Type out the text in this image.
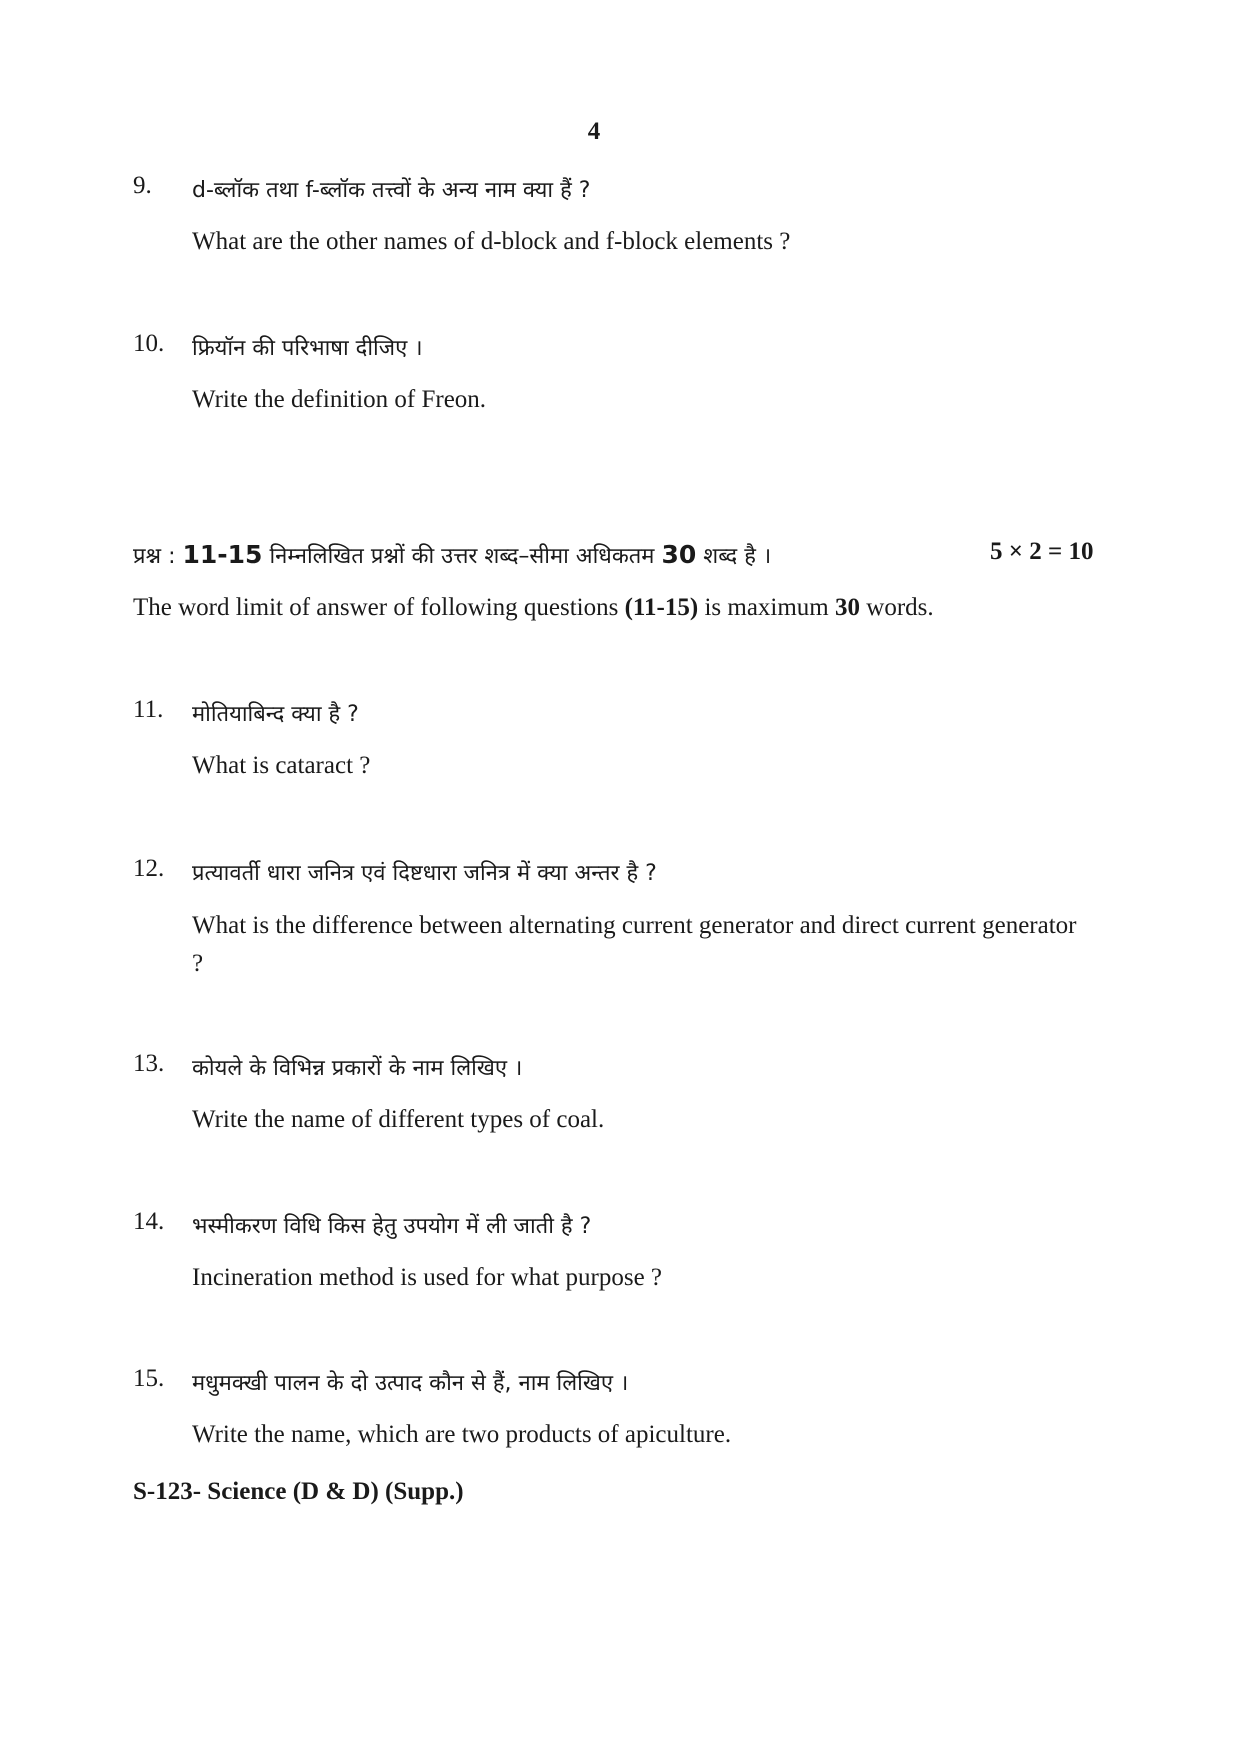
4
9. d-ब्लॉक तथा f-ब्लॉक तत्त्वों के अन्य नाम क्या हैं ?
What are the other names of d-block and f-block elements ?
10. फ्रियॉन की परिभाषा दीजिए ।
Write the definition of Freon.
प्रश्न : 11-15 निम्नलिखित प्रश्नों की उत्तर शब्द–सीमा अधिकतम 30 शब्द है ।	5 × 2 = 10
The word limit of answer of following questions (11-15) is maximum 30 words.
11. मोतियाबिन्द क्या है ?
What is cataract ?
12. प्रत्यावर्ती धारा जनित्र एवं दिष्टधारा जनित्र में क्या अन्तर है ?
What is the difference between alternating current generator and direct current generator ?
13. कोयले के विभिन्न प्रकारों के नाम लिखिए ।
Write the name of different types of coal.
14. भस्मीकरण विधि किस हेतु उपयोग में ली जाती है ?
Incineration method is used for what purpose ?
15. मधुमक्खी पालन के दो उत्पाद कौन से हैं, नाम लिखिए ।
Write the name, which are two products of apiculture.
S-123- Science (D & D) (Supp.)
